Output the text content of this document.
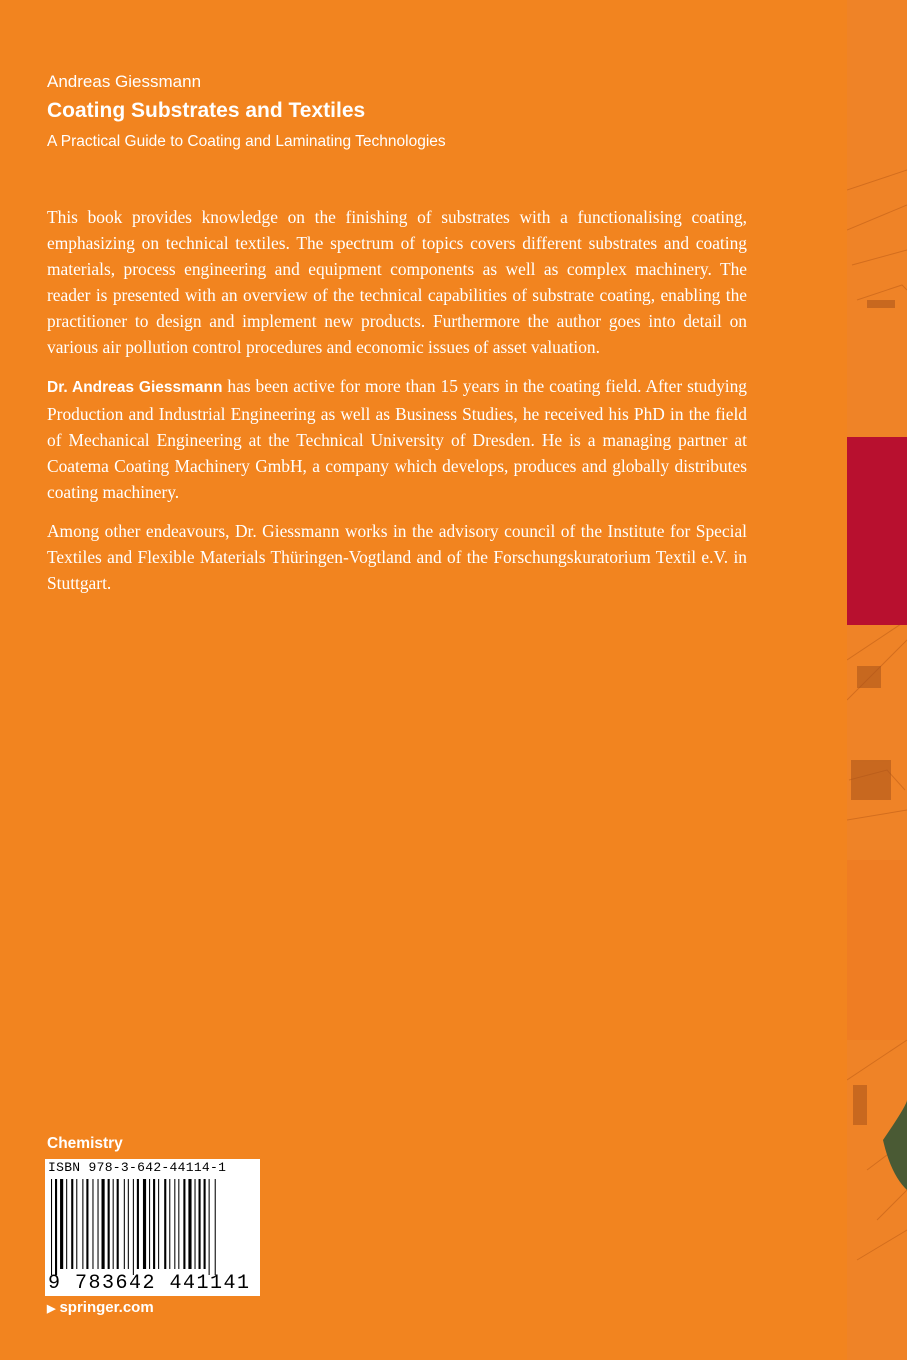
Andreas Giessmann

Coating Substrates and Textiles

A Practical Guide to Coating and Laminating Technologies

This book provides knowledge on the finishing of substrates with a functionalising coating, emphasizing on technical textiles. The spectrum of topics covers different substrates and coating materials, process engineering and equipment components as well as complex machinery. The reader is presented with an overview of the technical capabilities of substrate coating, enabling the practitioner to design and implement new products. Furthermore the author goes into detail on various air pollution control procedures and economic issues of asset valuation.

Dr. Andreas Giessmann has been active for more than 15 years in the coating field. After studying Production and Industrial Engineering as well as Business Studies, he received his PhD in the field of Mechanical Engineering at the Technical University of Dresden. He is a managing partner at Coatema Coating Machinery GmbH, a company which develops, produces and globally distributes coating machinery.

Among other endeavours, Dr. Giessmann works in the advisory council of the Institute for Special Textiles and Flexible Materials Thüringen-Vogtland and of the Forschungskuratorium Textil e.V. in Stuttgart.

Chemistry
ISBN 978-3-642-44114-1
9 783642 441141
▶ springer.com
